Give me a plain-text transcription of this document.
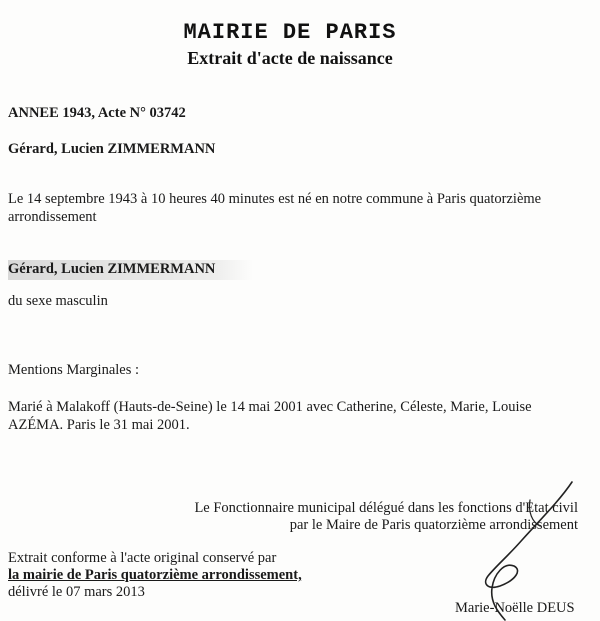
MAIRIE DE PARIS
Extrait d'acte de naissance
ANNEE 1943, Acte N° 03742
Gérard, Lucien ZIMMERMANN
Le 14 septembre 1943 à 10 heures 40 minutes est né en notre commune à Paris quatorzième arrondissement
Gérard, Lucien ZIMMERMANN
du sexe masculin
Mentions Marginales :
Marié à Malakoff (Hauts-de-Seine) le 14 mai 2001 avec Catherine, Céleste, Marie, Louise AZÉMA. Paris le 31 mai 2001.
Le Fonctionnaire municipal délégué dans les fonctions d'Etat civil
par le Maire de Paris quatorzième arrondissement
Extrait conforme à l'acte original conservé par
la mairie de Paris quatorzième arrondissement,
délivré le 07 mars 2013
Marie-Noëlle DEUS
